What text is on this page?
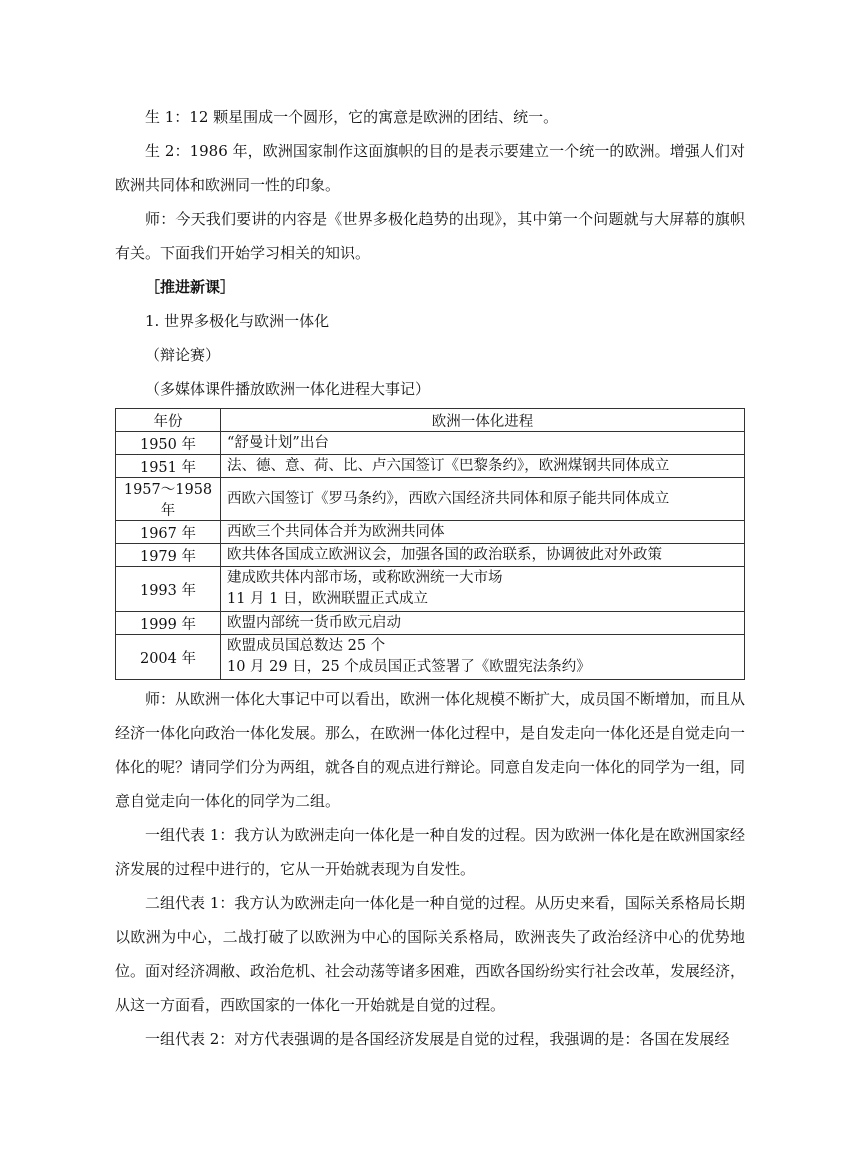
生 1：12 颗星围成一个圆形，它的寓意是欧洲的团结、统一。

生 2：1986 年，欧洲国家制作这面旗帜的目的是表示要建立一个统一的欧洲。增强人们对欧洲共同体和欧洲同一性的印象。

师：今天我们要讲的内容是《世界多极化趋势的出现》，其中第一个问题就与大屏幕的旗帜有关。下面我们开始学习相关的知识。

［推进新课］

1. 世界多极化与欧洲一体化

（辩论赛）

（多媒体课件播放欧洲一体化进程大事记）

年份	欧洲一体化进程
1950 年	“舒曼计划”出台

1951 年	法、德、意、荷、比、卢六国签订《巴黎条约》，欧洲煤钢共同体成立

1957～1958 年	西欧六国签订《罗马条约》，西欧六国经济共同体和原子能共同体成立

1967 年	西欧三个共同体合并为欧洲共同体

1979 年	欧共体各国成立欧洲议会，加强各国的政治联系，协调彼此对外政策

1993 年	建成欧共体内部市场，或称欧洲统一大市场
11 月 1 日，欧洲联盟正式成立

1999 年	欧盟内部统一货币欧元启动

2004 年	欧盟成员国总数达 25 个
10 月 29 日，25 个成员国正式签署了《欧盟宪法条约》

师：从欧洲一体化大事记中可以看出，欧洲一体化规模不断扩大，成员国不断增加，而且从经济一体化向政治一体化发展。那么，在欧洲一体化过程中，是自发走向一体化还是自觉走向一体化的呢？请同学们分为两组，就各自的观点进行辩论。同意自发走向一体化的同学为一组，同意自觉走向一体化的同学为二组。

一组代表 1：我方认为欧洲走向一体化是一种自发的过程。因为欧洲一体化是在欧洲国家经济发展的过程中进行的，它从一开始就表现为自发性。

二组代表 1：我方认为欧洲走向一体化是一种自觉的过程。从历史来看，国际关系格局长期以欧洲为中心，二战打破了以欧洲为中心的国际关系格局，欧洲丧失了政治经济中心的优势地位。面对经济凋敝、政治危机、社会动荡等诸多困难，西欧各国纷纷实行社会改革，发展经济，从这一方面看，西欧国家的一体化一开始就是自觉的过程。

一组代表 2：对方代表强调的是各国经济发展是自觉的过程，我强调的是：各国在发展经
